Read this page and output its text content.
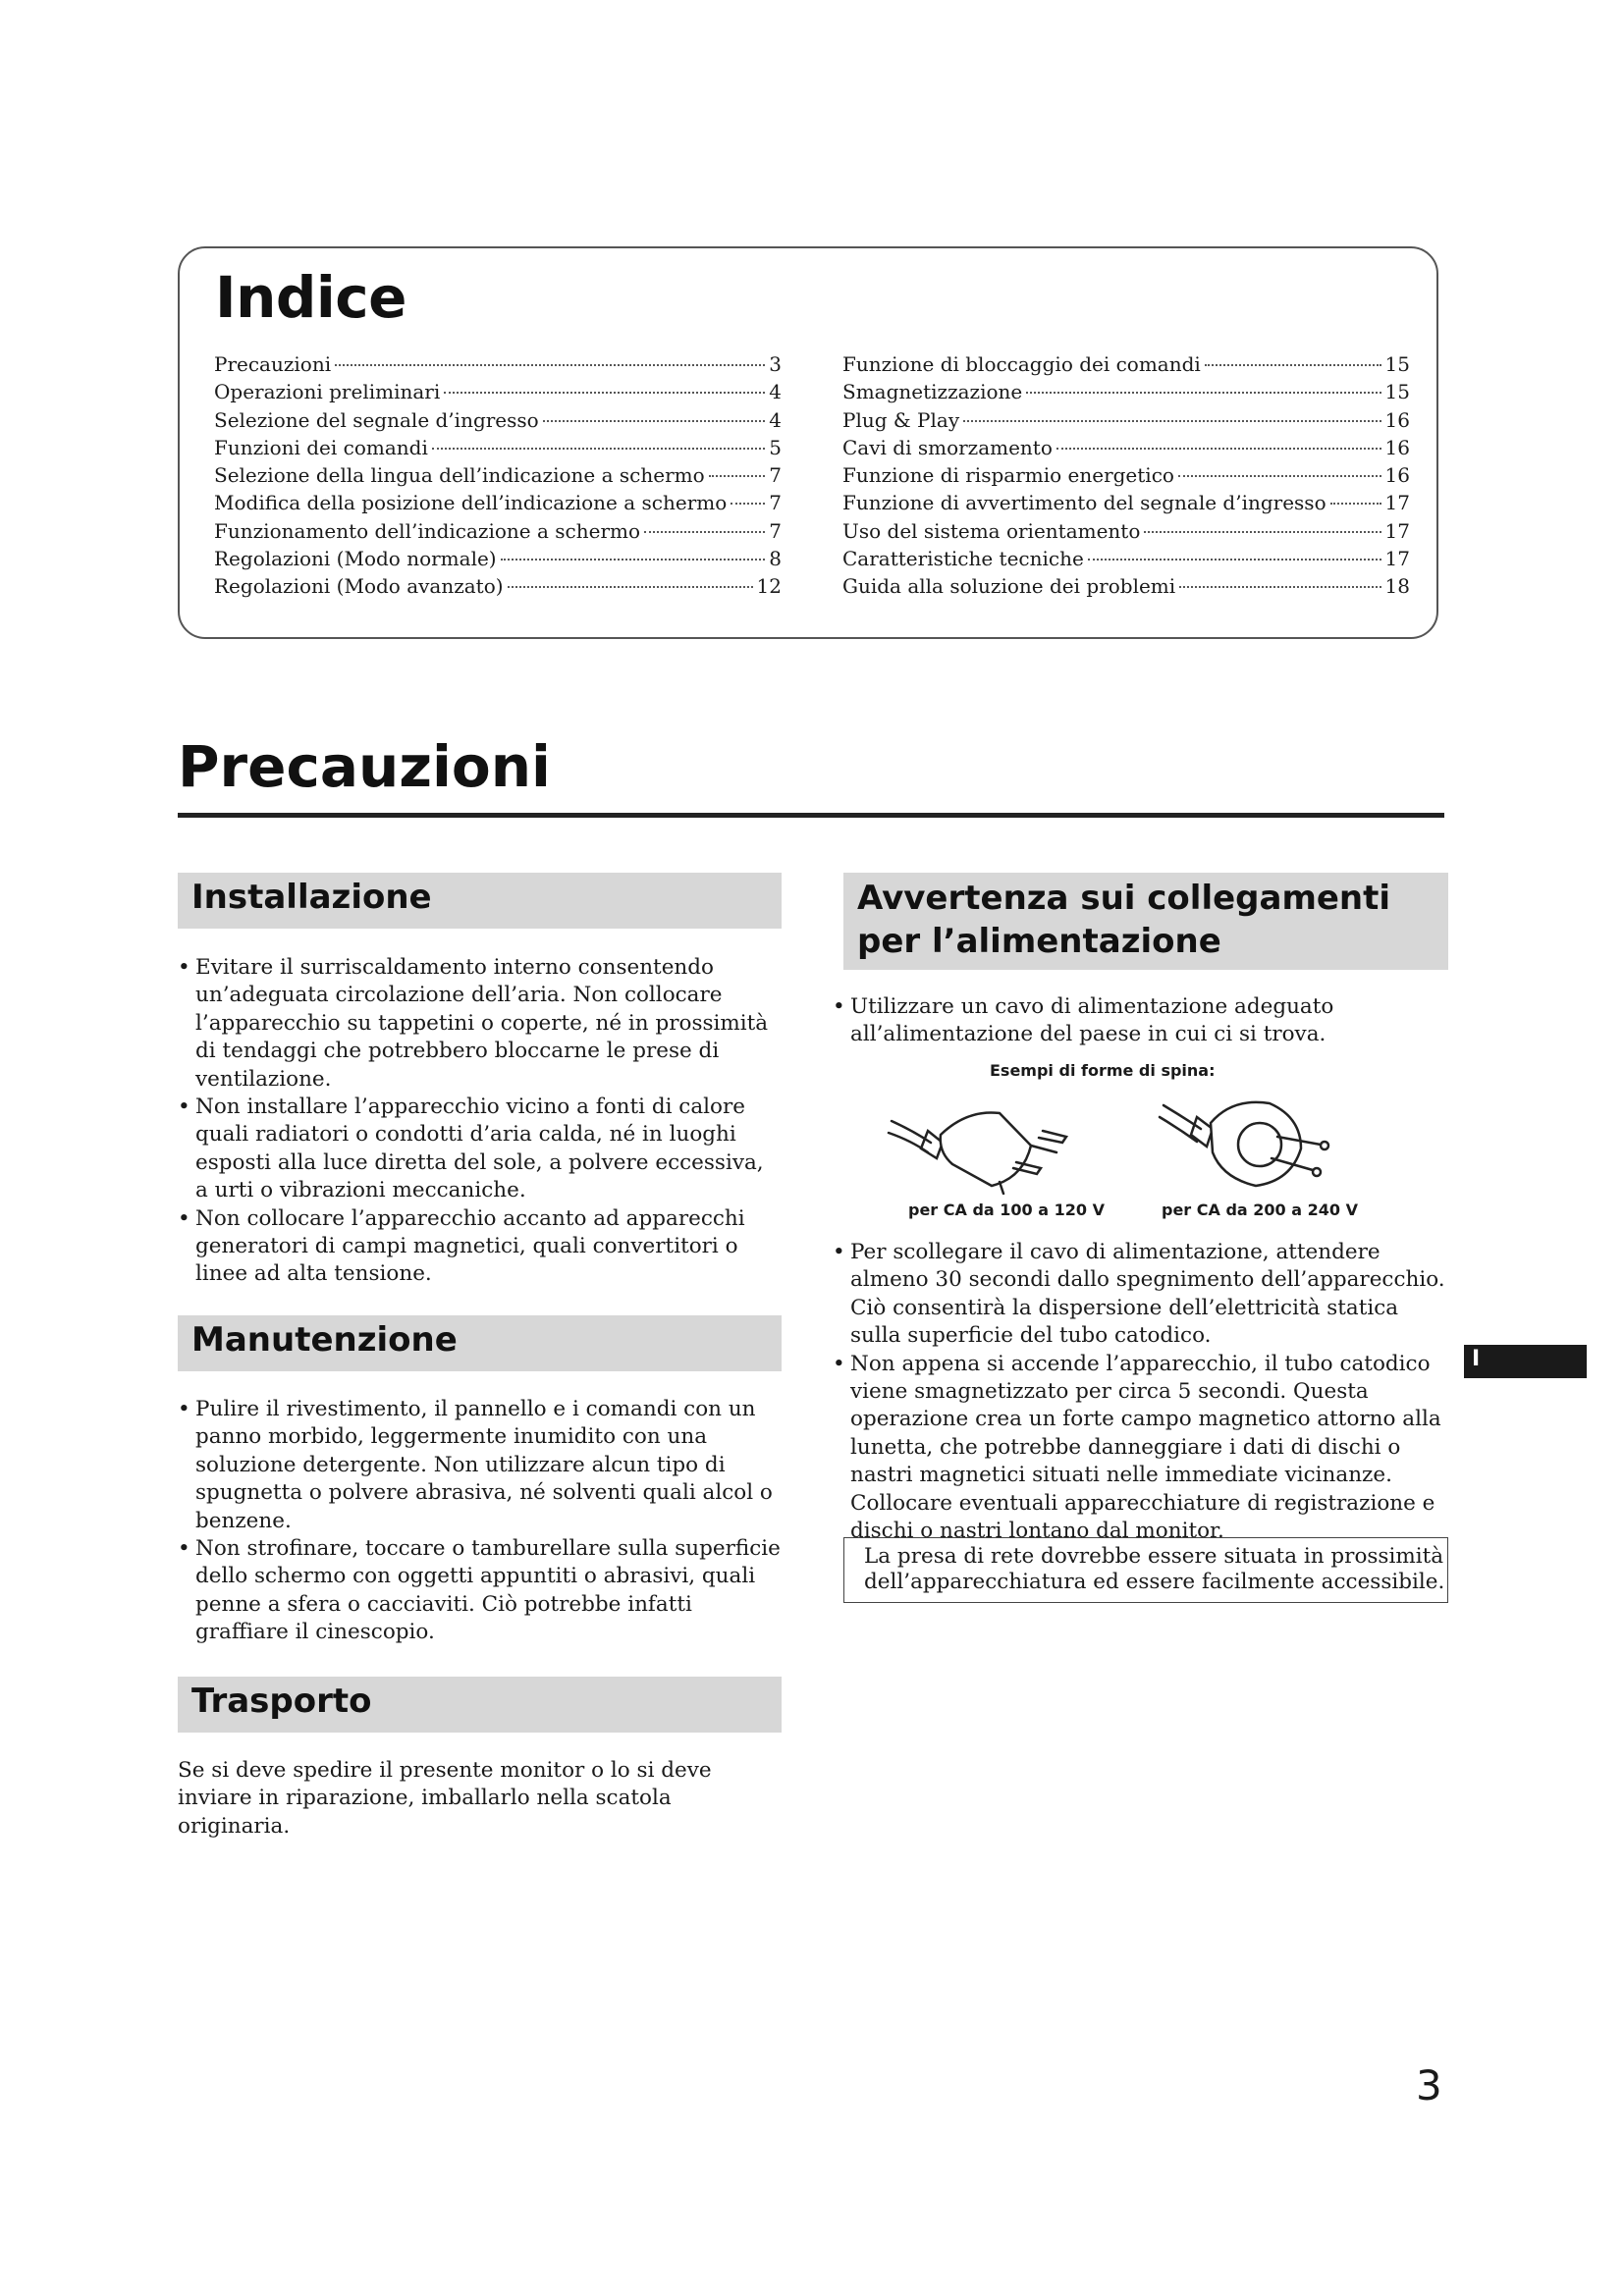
Indice
Precauzioni	3
Operazioni preliminari	4
Selezione del segnale d’ingresso	4
Funzioni dei comandi	5
Selezione della lingua dell’indicazione a schermo	7
Modifica della posizione dell’indicazione a schermo 7
Funzionamento dell’indicazione a schermo	7
Regolazioni (Modo normale)	8
Regolazioni (Modo avanzato)	12
Funzione di bloccaggio dei comandi	15
Smagnetizzazione	15
Plug & Play	16
Cavi di smorzamento	16
Funzione di risparmio energetico	16
Funzione di avvertimento del segnale d’ingresso	17
Uso del sistema orientamento	17
Caratteristiche tecniche	17
Guida alla soluzione dei problemi	18
Precauzioni
Installazione
• Evitare il surriscaldamento interno consentendo un’adeguata circolazione dell’aria. Non collocare l’apparecchio su tappetini o coperte, né in prossimità di tendaggi che potrebbero bloccarne le prese di ventilazione.
• Non installare l’apparecchio vicino a fonti di calore quali radiatori o condotti d’aria calda, né in luoghi esposti alla luce diretta del sole, a polvere eccessiva, a urti o vibrazioni meccaniche.
• Non collocare l’apparecchio accanto ad apparecchi generatori di campi magnetici, quali convertitori o linee ad alta tensione.
Manutenzione
• Pulire il rivestimento, il pannello e i comandi con un panno morbido, leggermente inumidito con una soluzione detergente. Non utilizzare alcun tipo di spugnetta o polvere abrasiva, né solventi quali alcol o benzene.
• Non strofinare, toccare o tamburellare sulla superficie dello schermo con oggetti appuntiti o abrasivi, quali penne a sfera o cacciaviti. Ciò potrebbe infatti graffiare il cinescopio.
Trasporto

Se si deve spedire il presente monitor o lo si deve inviare in riparazione, imballarlo nella scatola originaria.

Avvertenza sui collegamenti
per l’alimentazione
• Utilizzare un cavo di alimentazione adeguato all’alimentazione del paese in cui ci si trova.
Esempi di forme di spina:
per CA da 100 a 120 V	per CA da 200 a 240 V
• Per scollegare il cavo di alimentazione, attendere almeno 30 secondi dallo spegnimento dell’apparecchio. Ciò consentirà la dispersione dell’elettricità statica sulla superficie del tubo catodico.
• Non appena si accende l’apparecchio, il tubo catodico viene smagnetizzato per circa 5 secondi. Questa operazione crea un forte campo magnetico attorno alla lunetta, che potrebbe danneggiare i dati di dischi o nastri magnetici situati nelle immediate vicinanze. Collocare eventuali apparecchiature di registrazione e dischi o nastri lontano dal monitor.

La presa di rete dovrebbe essere situata in prossimità dell’apparecchiatura ed essere facilmente accessibile.

I
3
